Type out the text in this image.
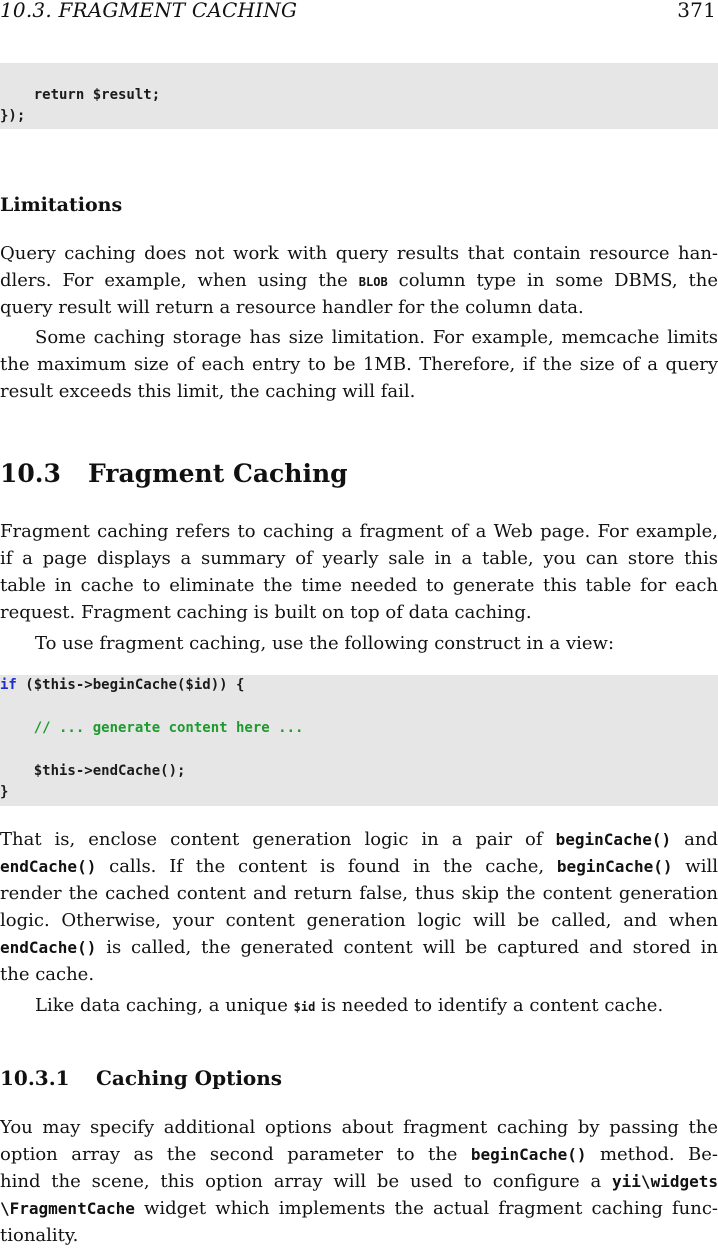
10.3. FRAGMENT CACHING	371
return $result;
});
Limitations
Query caching does not work with query results that contain resource han-
dlers. For example, when using the BLOB column type in some DBMS, the
query result will return a resource handler for the column data.
Some caching storage has size limitation. For example, memcache limits
the maximum size of each entry to be 1MB. Therefore, if the size of a query
result exceeds this limit, the caching will fail.
10.3 Fragment Caching
Fragment caching refers to caching a fragment of a Web page. For example,
if a page displays a summary of yearly sale in a table, you can store this
table in cache to eliminate the time needed to generate this table for each
request. Fragment caching is built on top of data caching.
To use fragment caching, use the following construct in a view:
if ($this->beginCache($id)) {
// ... generate content here ...
$this->endCache();
}
That is, enclose content generation logic in a pair of beginCache() and
endCache() calls. If the content is found in the cache, beginCache() will
render the cached content and return false, thus skip the content generation
logic. Otherwise, your content generation logic will be called, and when
endCache() is called, the generated content will be captured and stored in
the cache.
Like data caching, a unique $id is needed to identify a content cache.
10.3.1 Caching Options
You may specify additional options about fragment caching by passing the
option array as the second parameter to the beginCache() method. Be-
hind the scene, this option array will be used to configure a yii\widgets
\FragmentCache widget which implements the actual fragment caching func-
tionality.
